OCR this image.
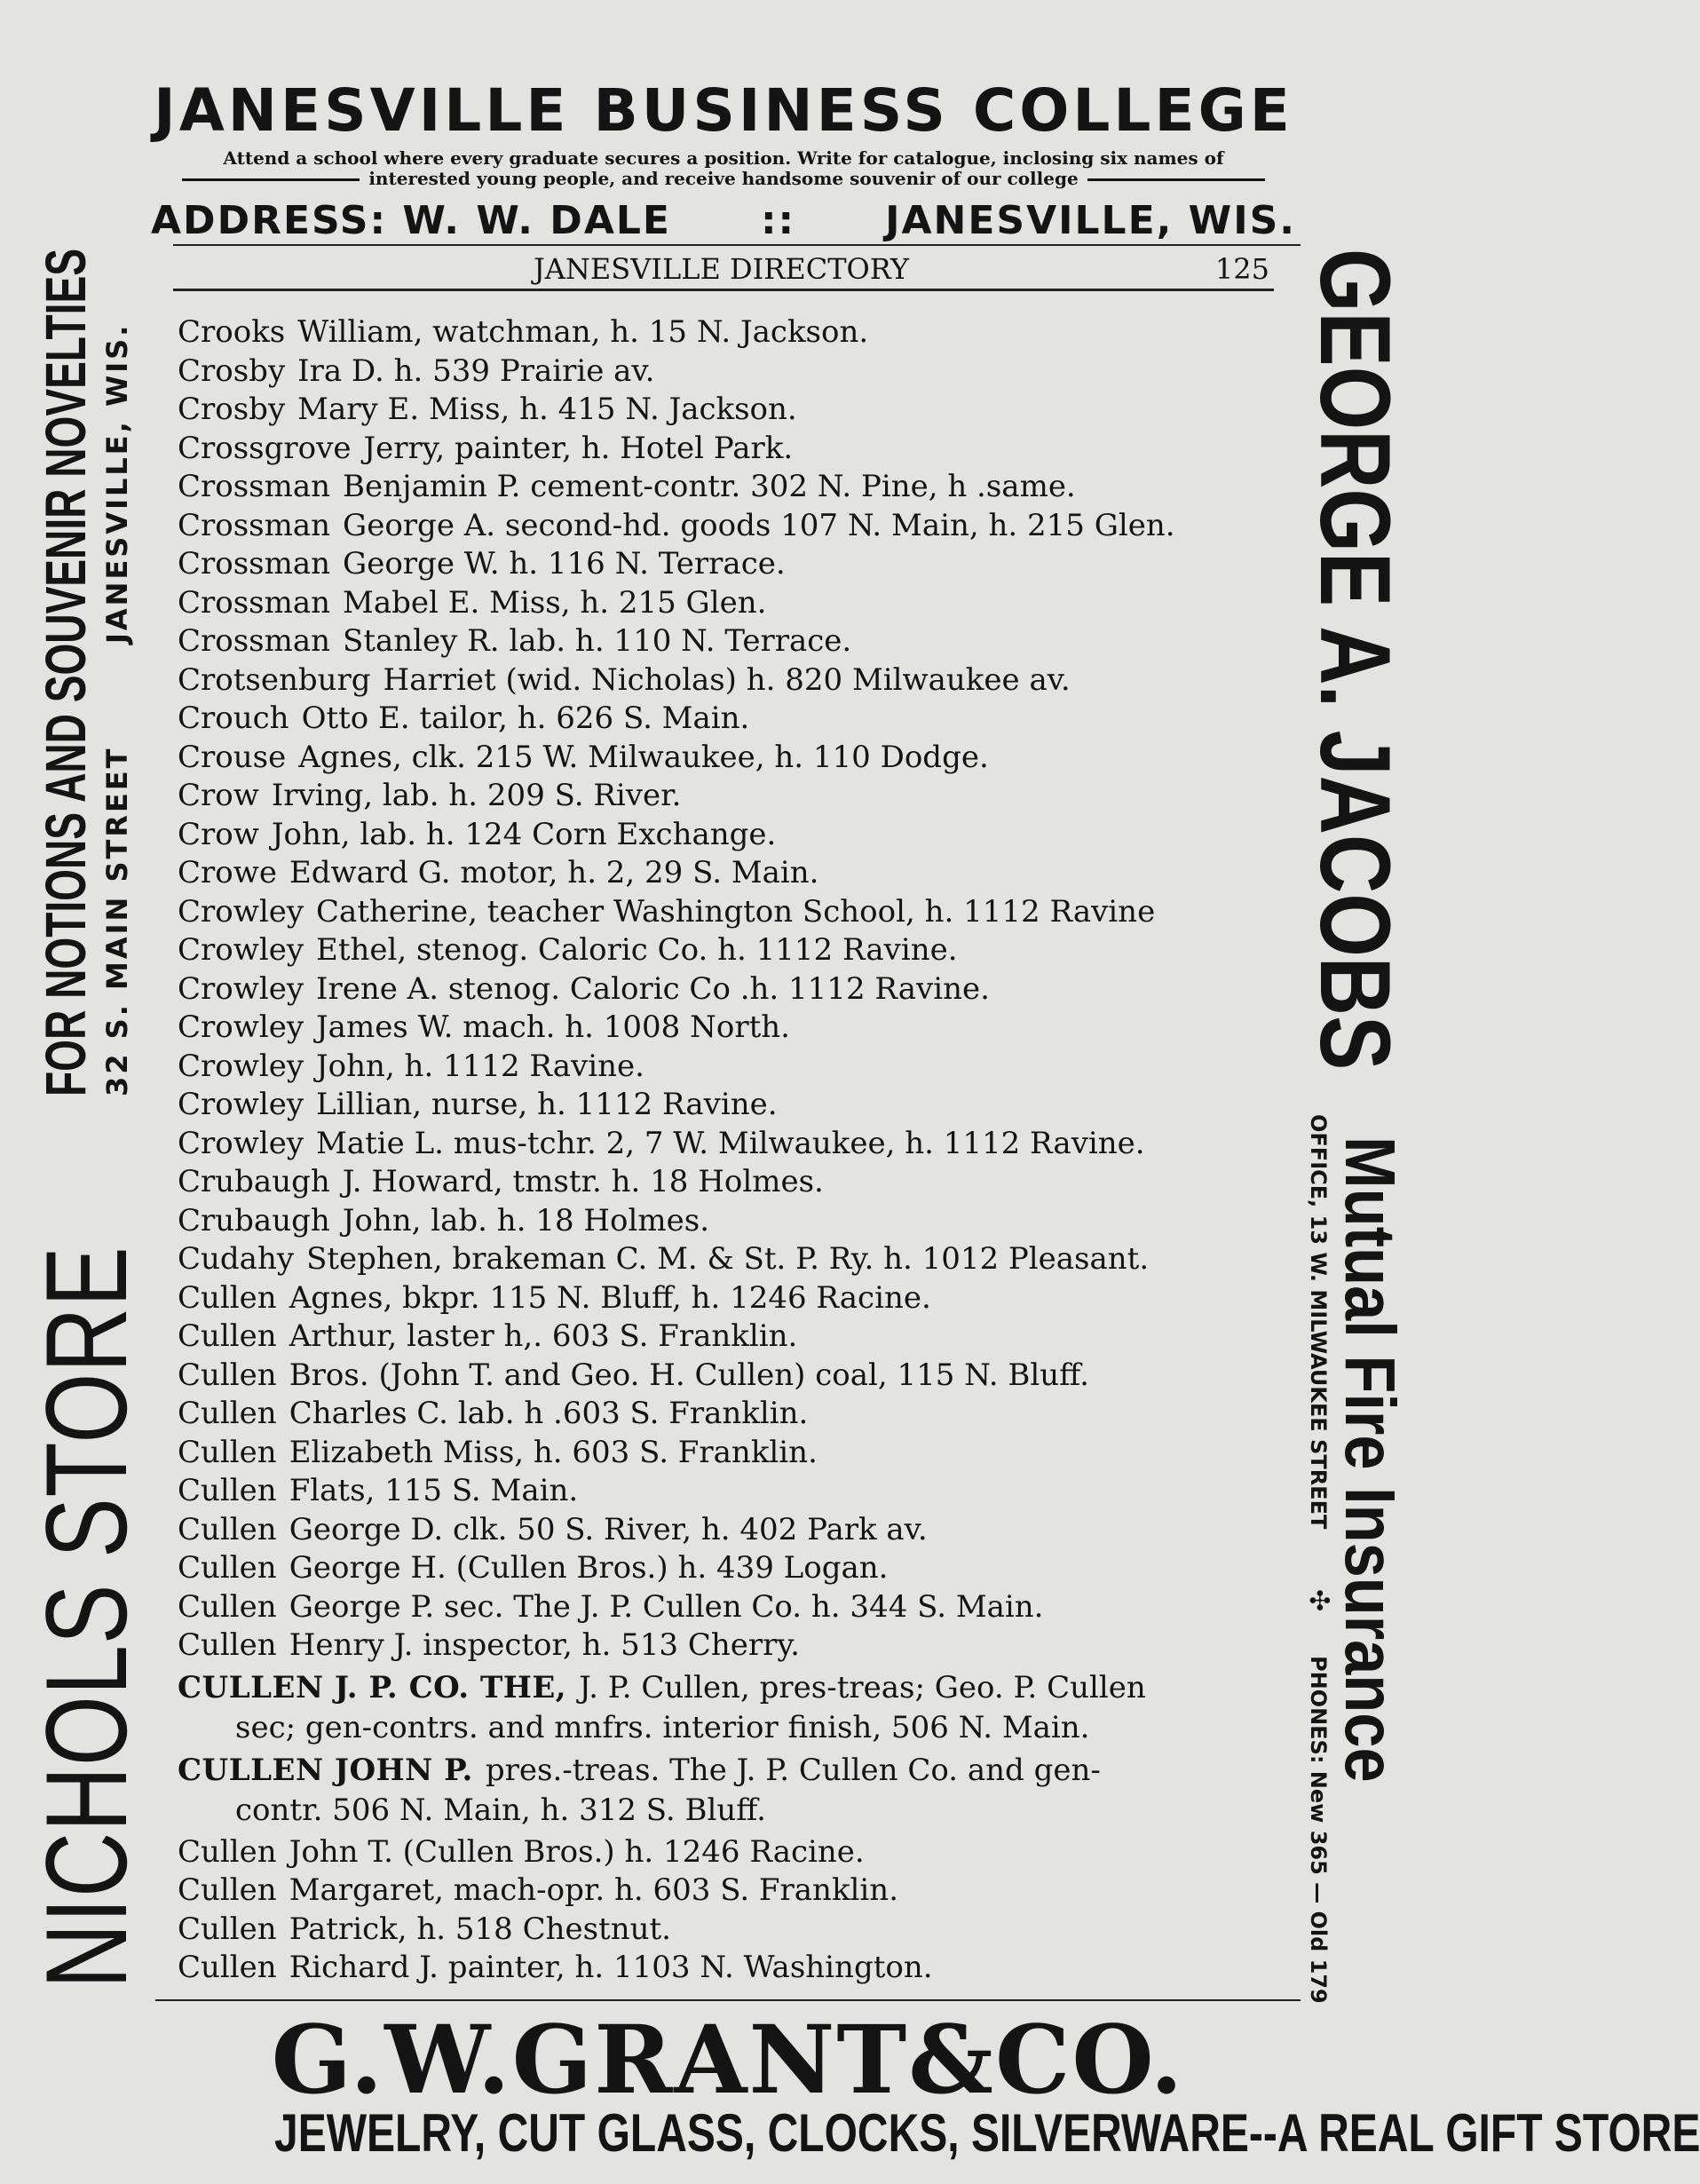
JANESVILLE BUSINESS COLLEGE
Attend a school where every graduate secures a position. Write for catalogue, inclosing six names of
interested young people, and receive handsome souvenir of our college
ADDRESS: W. W. DALE :: JANESVILLE, WIS.
JANESVILLE DIRECTORY	125
NICHOLS STORE
FOR NOTIONS AND SOUVENIR NOVELTIES 32 S. MAIN STREET
JANESVILLE, WIS.	GEORGE A. JACOBS
Mutual Fire Insurance
OFFICE, 13 W. MILWAUKEE STREET
✣
PHONES: New 365 — Old 179
Crooks William, watchman, h. 15 N. Jackson.
Crosby Ira D. h. 539 Prairie av.
Crosby Mary E. Miss, h. 415 N. Jackson.
Crossgrove Jerry, painter, h. Hotel Park.
Crossman Benjamin P. cement-contr. 302 N. Pine, h .same.
Crossman George A. second-hd. goods 107 N. Main, h. 215 Glen.
Crossman George W. h. 116 N. Terrace.
Crossman Mabel E. Miss, h. 215 Glen.
Crossman Stanley R. lab. h. 110 N. Terrace.
Crotsenburg Harriet (wid. Nicholas) h. 820 Milwaukee av.
Crouch Otto E. tailor, h. 626 S. Main.
Crouse Agnes, clk. 215 W. Milwaukee, h. 110 Dodge.
Crow Irving, lab. h. 209 S. River.
Crow John, lab. h. 124 Corn Exchange.
Crowe Edward G. motor, h. 2, 29 S. Main.
Crowley Catherine, teacher Washington School, h. 1112 Ravine
Crowley Ethel, stenog. Caloric Co. h. 1112 Ravine.
Crowley Irene A. stenog. Caloric Co .h. 1112 Ravine.
Crowley James W. mach. h. 1008 North.
Crowley John, h. 1112 Ravine.
Crowley Lillian, nurse, h. 1112 Ravine.
Crowley Matie L. mus-tchr. 2, 7 W. Milwaukee, h. 1112 Ravine.
Crubaugh J. Howard, tmstr. h. 18 Holmes.
Crubaugh John, lab. h. 18 Holmes.
Cudahy Stephen, brakeman C. M. & St. P. Ry. h. 1012 Pleasant.
Cullen Agnes, bkpr. 115 N. Bluff, h. 1246 Racine.
Cullen Arthur, laster h,. 603 S. Franklin.
Cullen Bros. (John T. and Geo. H. Cullen) coal, 115 N. Bluff.
Cullen Charles C. lab. h .603 S. Franklin.
Cullen Elizabeth Miss, h. 603 S. Franklin.
Cullen Flats, 115 S. Main.
Cullen George D. clk. 50 S. River, h. 402 Park av.
Cullen George H. (Cullen Bros.) h. 439 Logan.
Cullen George P. sec. The J. P. Cullen Co. h. 344 S. Main.
Cullen Henry J. inspector, h. 513 Cherry.
CULLEN J. P. CO. THE, J. P. Cullen, pres-treas; Geo. P. Cullen
sec; gen-contrs. and mnfrs. interior finish, 506 N. Main.
CULLEN JOHN P. pres.-treas. The J. P. Cullen Co. and gen-
contr. 506 N. Main, h. 312 S. Bluff.
Cullen John T. (Cullen Bros.) h. 1246 Racine.
Cullen Margaret, mach-opr. h. 603 S. Franklin.
Cullen Patrick, h. 518 Chestnut.
Cullen Richard J. painter, h. 1103 N. Washington.
G.W.GRANT&CO.
JEWELRY, CUT GLASS, CLOCKS, SILVERWARE--A REAL GIFT STORE
